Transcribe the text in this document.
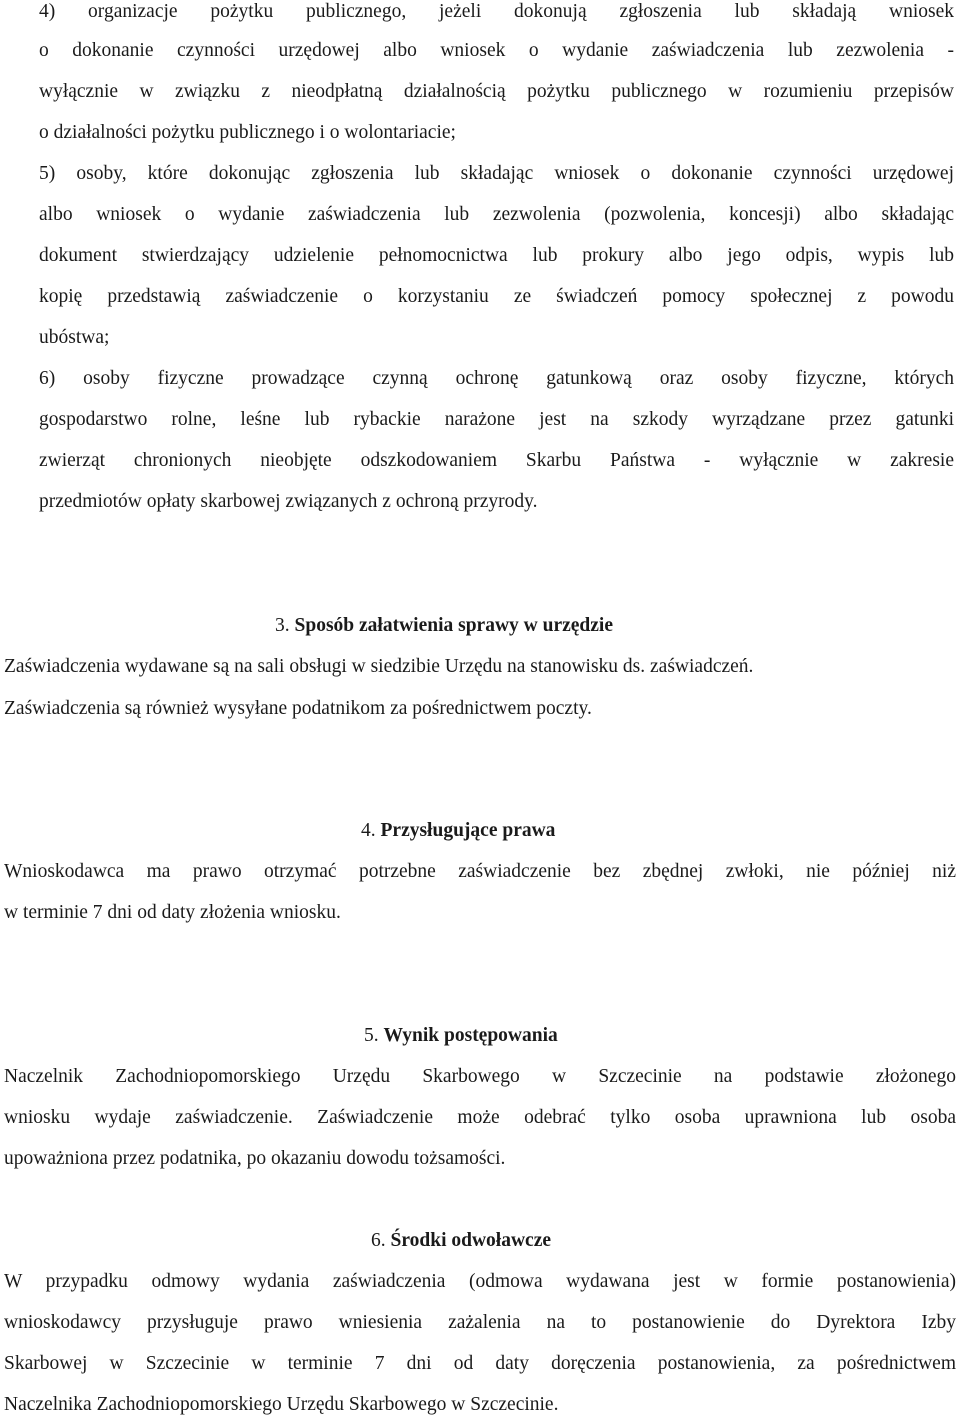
4) organizacje pożytku publicznego, jeżeli dokonują zgłoszenia lub składają wniosek
o dokonanie czynności urzędowej albo wniosek o wydanie zaświadczenia lub zezwolenia -
wyłącznie w związku z nieodpłatną działalnością pożytku publicznego w rozumieniu przepisów
o działalności pożytku publicznego i o wolontariacie;
5) osoby, które dokonując zgłoszenia lub składając wniosek o dokonanie czynności urzędowej
albo wniosek o wydanie zaświadczenia lub zezwolenia (pozwolenia, koncesji) albo składając
dokument stwierdzający udzielenie pełnomocnictwa lub prokury albo jego odpis, wypis lub
kopię przedstawią zaświadczenie o korzystaniu ze świadczeń pomocy społecznej z powodu
ubóstwa;
6) osoby fizyczne prowadzące czynną ochronę gatunkową oraz osoby fizyczne, których
gospodarstwo rolne, leśne lub rybackie narażone jest na szkody wyrządzane przez gatunki
zwierząt chronionych nieobjęte odszkodowaniem Skarbu Państwa - wyłącznie w zakresie
przedmiotów opłaty skarbowej związanych z ochroną przyrody.
3. Sposób załatwienia sprawy w urzędzie
Zaświadczenia wydawane są na sali obsługi w siedzibie Urzędu na stanowisku ds. zaświadczeń.
Zaświadczenia są również wysyłane podatnikom za pośrednictwem poczty.
4. Przysługujące prawa
Wnioskodawca ma prawo otrzymać potrzebne zaświadczenie bez zbędnej zwłoki, nie później niż
w terminie 7 dni od daty złożenia wniosku.
5. Wynik postępowania
Naczelnik Zachodniopomorskiego Urzędu Skarbowego w Szczecinie na podstawie złożonego
wniosku wydaje zaświadczenie. Zaświadczenie może odebrać tylko osoba uprawniona lub osoba
upoważniona przez podatnika, po okazaniu dowodu tożsamości.
6. Środki odwoławcze
W przypadku odmowy wydania zaświadczenia (odmowa wydawana jest w formie postanowienia)
wnioskodawcy przysługuje prawo wniesienia zażalenia na to postanowienie do Dyrektora Izby
Skarbowej w Szczecinie w terminie 7 dni od daty doręczenia postanowienia, za pośrednictwem
Naczelnika Zachodniopomorskiego Urzędu Skarbowego w Szczecinie.
